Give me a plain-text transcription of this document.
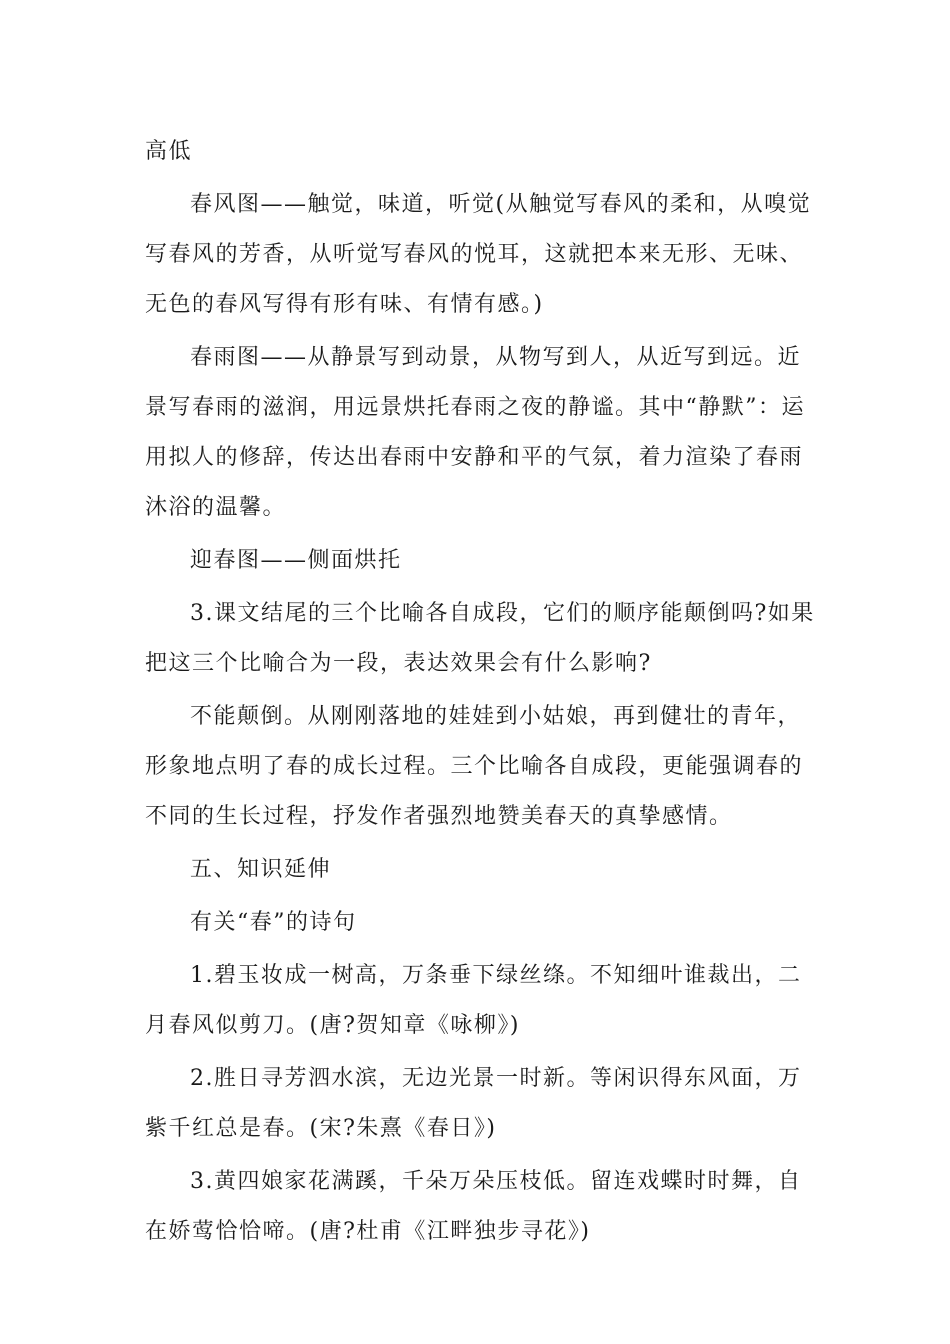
高低

春风图——触觉，味道，听觉(从触觉写春风的柔和，从嗅觉写春风的芳香，从听觉写春风的悦耳，这就把本来无形、无味、无色的春风写得有形有味、有情有感。)

春雨图——从静景写到动景，从物写到人，从近写到远。近景写春雨的滋润，用远景烘托春雨之夜的静谧。其中“静默”：运用拟人的修辞，传达出春雨中安静和平的气氛，着力渲染了春雨沐浴的温馨。

迎春图——侧面烘托

3.课文结尾的三个比喻各自成段，它们的顺序能颠倒吗?如果把这三个比喻合为一段，表达效果会有什么影响?

不能颠倒。从刚刚落地的娃娃到小姑娘，再到健壮的青年，形象地点明了春的成长过程。三个比喻各自成段，更能强调春的不同的生长过程，抒发作者强烈地赞美春天的真挚感情。

五、知识延伸

有关“春”的诗句

1.碧玉妆成一树高，万条垂下绿丝绦。不知细叶谁裁出，二月春风似剪刀。(唐?贺知章《咏柳》)

2.胜日寻芳泗水滨，无边光景一时新。等闲识得东风面，万紫千红总是春。(宋?朱熹《春日》)

3.黄四娘家花满蹊，千朵万朵压枝低。留连戏蝶时时舞，自在娇莺恰恰啼。(唐?杜甫《江畔独步寻花》)
